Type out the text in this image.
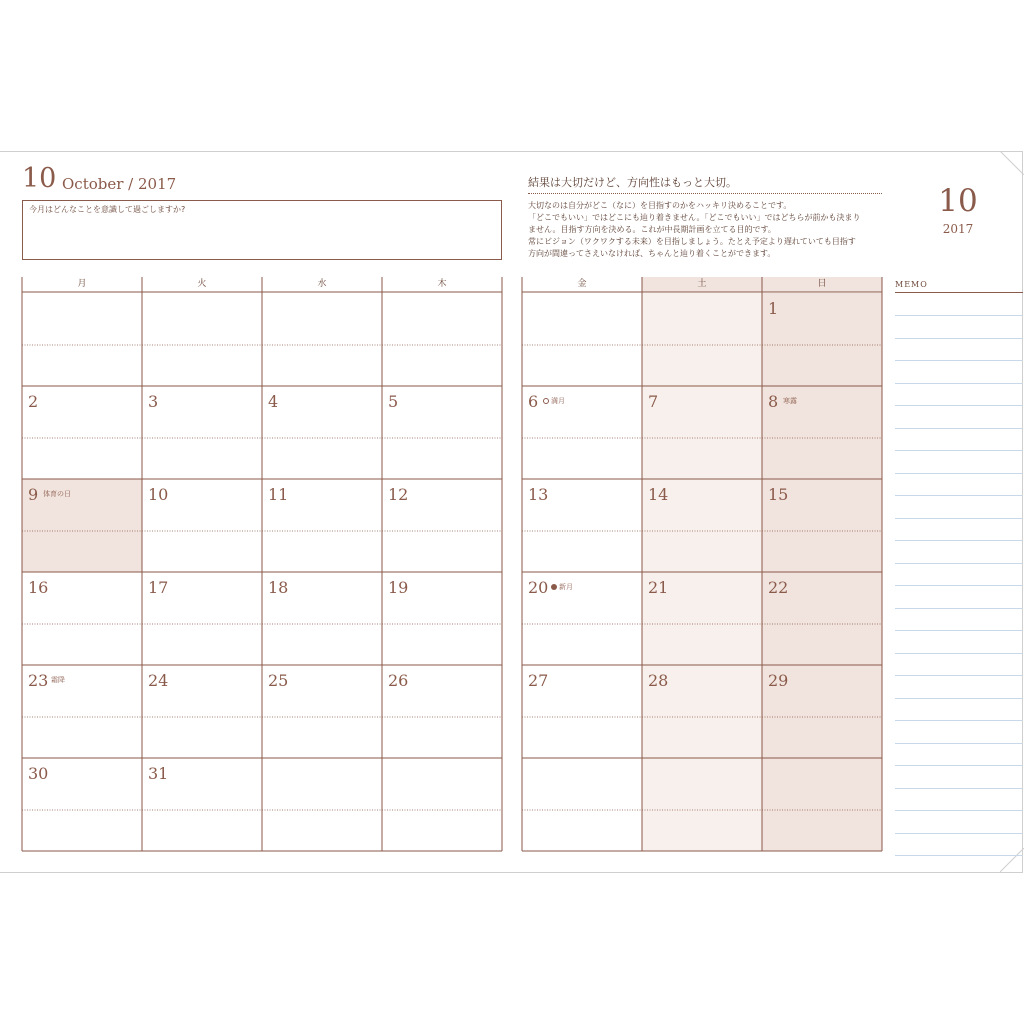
10 October / 2017
今月はどんなことを意識して過ごしますか?
結果は大切だけど、方向性はもっと大切。
大切なのは自分がどこ（なに）を目指すのかをハッキリ決めることです。
「どこでもいい」ではどこにも辿り着きません。「どこでもいい」ではどちらが前かも決まり
ません。目指す方向を決める。これが中長期計画を立てる目的です。
常にビジョン（ワクワクする未来）を目指しましょう。たとえ予定より遅れていても目指す
方向が間違ってさえいなければ、ちゃんと辿り着くことができます。
10
2017
月
2
9 体育の日
16
23 霜降
30
火
3
10
17
24
31
水
4
11
18
25
木
5
12
19
26
金
6	満月
13
20	新月
27
土
7
14
21
28
日
1
8 寒露
15
22
29
MEMO
